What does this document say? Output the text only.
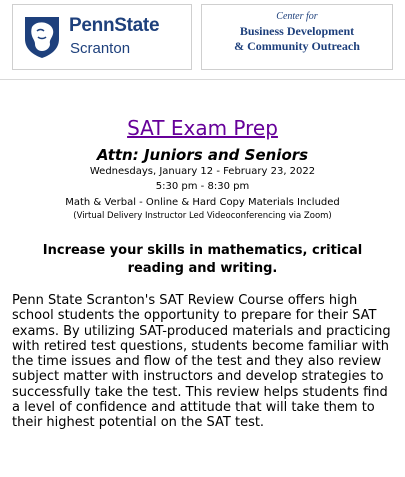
PennState
Scranton
Center for
Business Development
& Community Outreach
SAT Exam Prep
Attn: Juniors and Seniors
Wednesdays, January 12 - February 23, 2022
5:30 pm - 8:30 pm
Math & Verbal - Online & Hard Copy Materials Included
(Virtual Delivery Instructor Led Videoconferencing via Zoom)
Increase your skills in mathematics, critical reading and writing.

Penn State Scranton's SAT Review Course offers high school students the opportunity to prepare for their SAT exams. By utilizing SAT-produced materials and practicing with retired test questions, students become familiar with the time issues and flow of the test and they also review subject matter with instructors and develop strategies to successfully take the test. This review helps students find a level of confidence and attitude that will take them to their highest potential on the SAT test.
